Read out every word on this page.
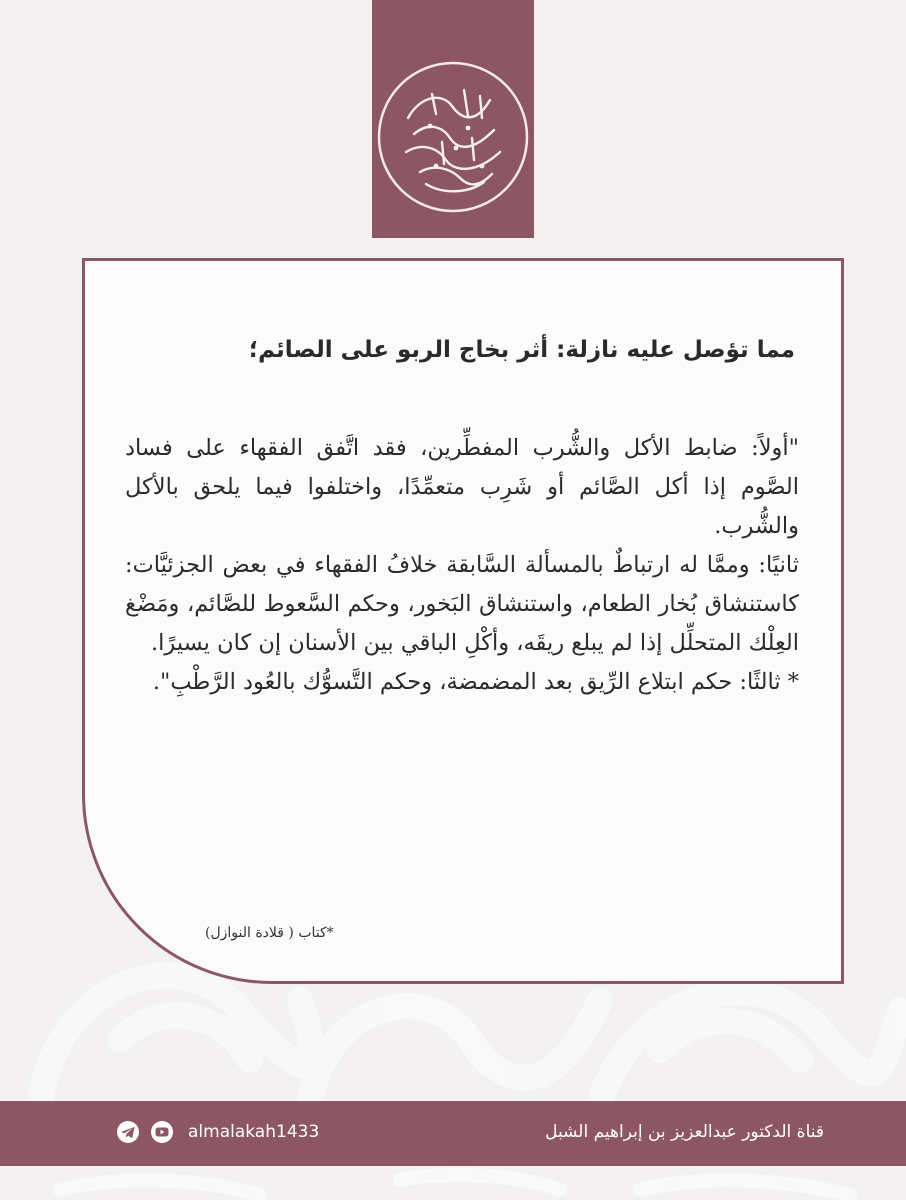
مما تؤصل عليه نازلة: أثر بخاج الربو على الصائم؛

"أولاً: ضابط الأكل والشُّرب المفطِّرين، فقد اتَّفق الفقهاء على فساد الصَّوم إذا أكل الصَّائم أو شَرِب متعمِّدًا، واختلفوا فيما يلحق بالأكل والشُّرب.

ثانيًا: وممَّا له ارتباطٌ بالمسألة السَّابقة خلافُ الفقهاء في بعض الجزئيَّات: كاستنشاق بُخار الطعام، واستنشاق البَخور، وحكم السَّعوط للصَّائم، ومَضْغ العِلْك المتحلِّل إذا لم يبلع ريقَه، وأكْلِ الباقي بين الأسنان إن كان يسيرًا.

* ثالثًا: حكم ابتلاع الرِّيق بعد المضمضة، وحكم التَّسوُّك بالعُود الرَّطْبِ".

*كتاب ( قلادة النوازل)
almalakah1433	قناة الدكتور عبدالعزيز بن إبراهيم الشبل
